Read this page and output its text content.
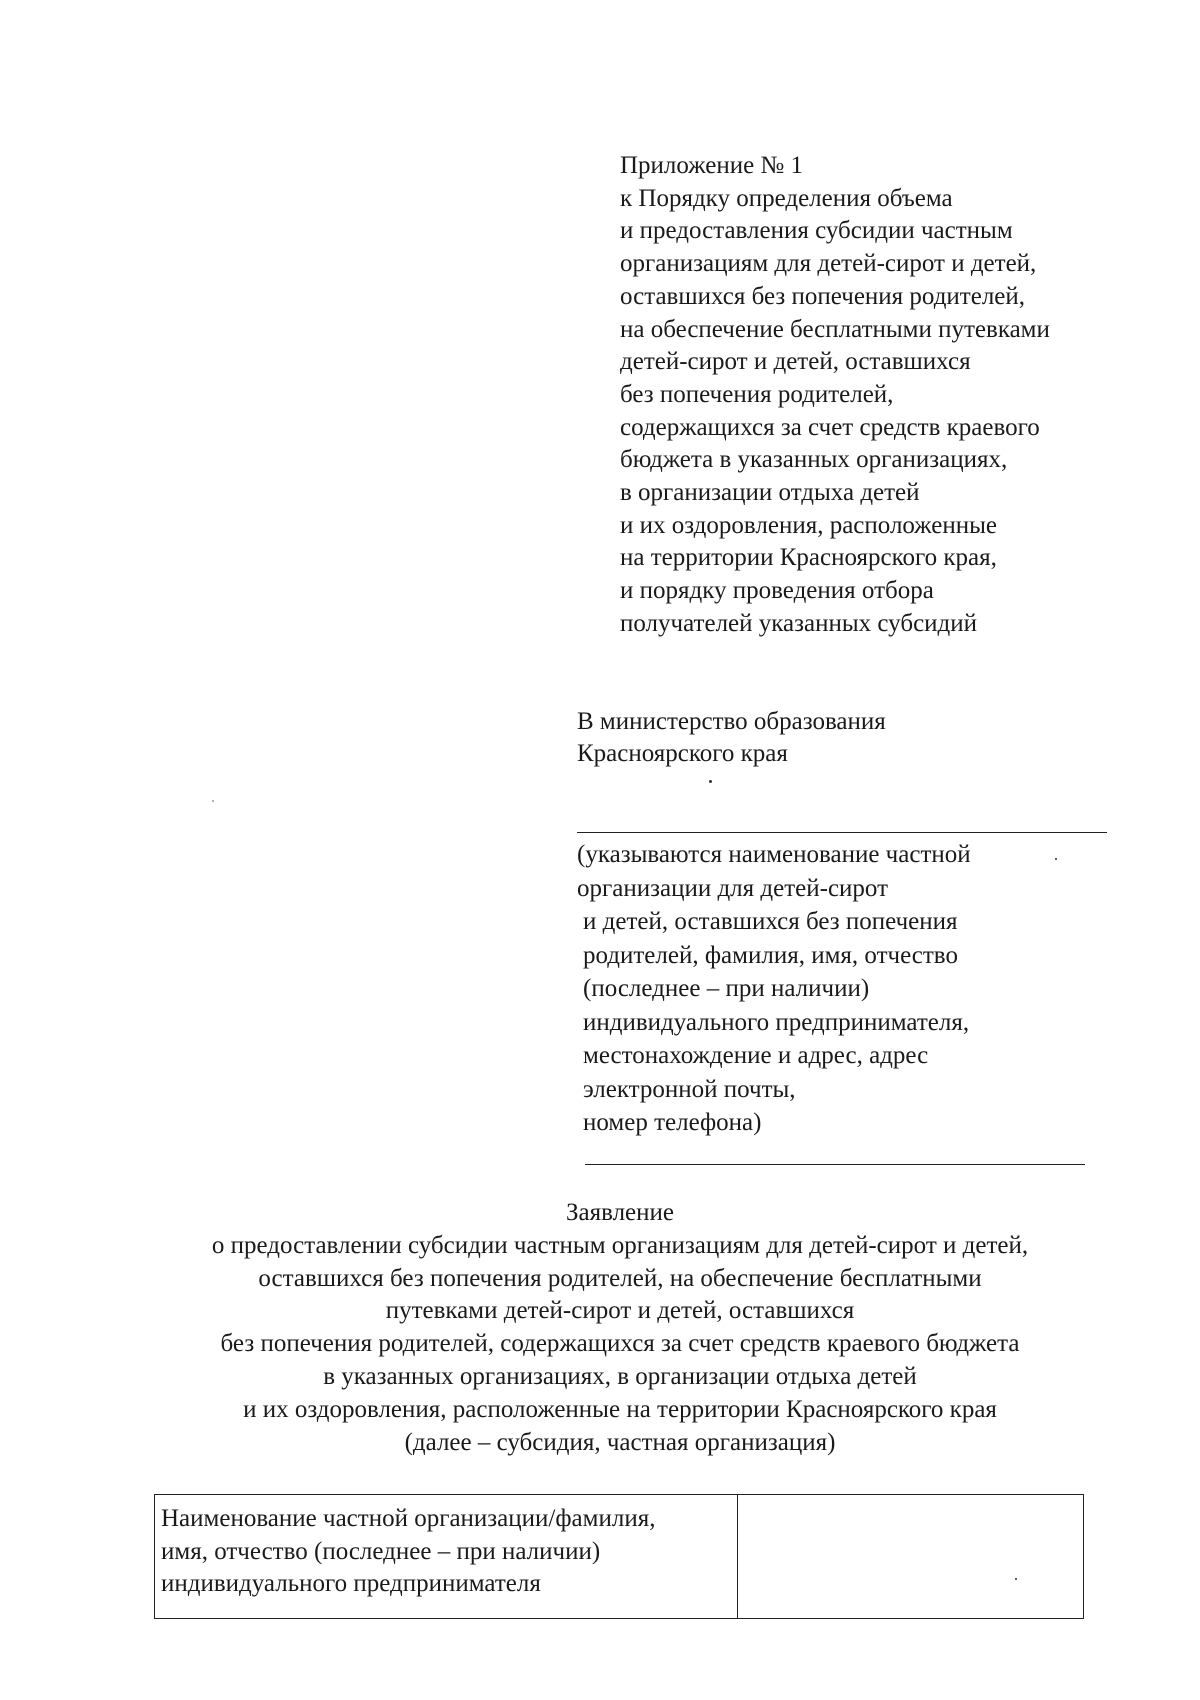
Приложение № 1
к Порядку определения объема
и предоставления субсидии частным
организациям для детей-сирот и детей,
оставшихся без попечения родителей,
на обеспечение бесплатными путевками
детей-сирот и детей, оставшихся
без попечения родителей,
содержащихся за счет средств краевого
бюджета в указанных организациях,
в организации отдыха детей
и их оздоровления, расположенные
на территории Красноярского края,
и порядку проведения отбора
получателей указанных субсидий
В министерство образования
Красноярского края
(указываются наименование частной
организации для детей-сирот
и детей, оставшихся без попечения
родителей, фамилия, имя, отчество
(последнее – при наличии)
индивидуального предпринимателя,
местонахождение и адрес, адрес
электронной почты,
номер телефона)
Заявление
о предоставлении субсидии частным организациям для детей-сирот и детей,
оставшихся без попечения родителей, на обеспечение бесплатными
путевками детей-сирот и детей, оставшихся
без попечения родителей, содержащихся за счет средств краевого бюджета
в указанных организациях, в организации отдыха детей
и их оздоровления, расположенные на территории Красноярского края
(далее – субсидия, частная организация)
Наименование частной организации/фамилия,
имя, отчество (последнее – при наличии)
индивидуального предпринимателя
